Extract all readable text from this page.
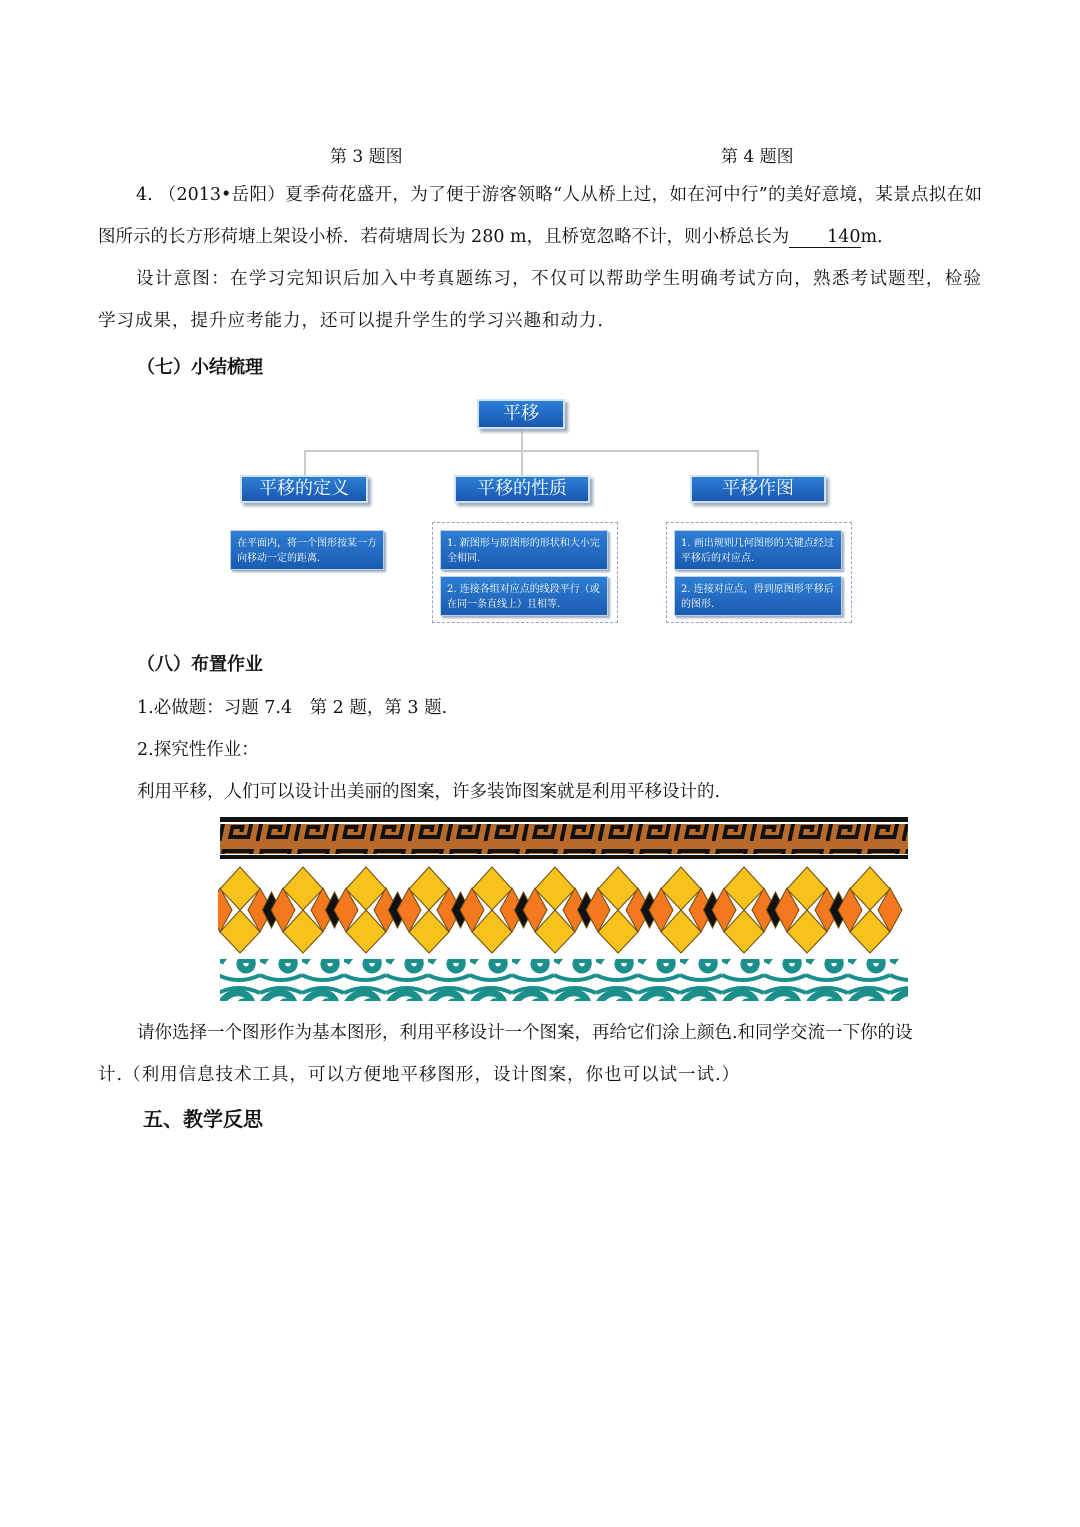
第 3 题图	第 4 题图
4. （2013•岳阳）夏季荷花盛开，为了便于游客领略“人从桥上过，如在河中行”的美好意境，某景点拟在如图所示的长方形荷塘上架设小桥．若荷塘周长为 280 m，且桥宽忽略不计，则小桥总长为 140m．
设计意图：在学习完知识后加入中考真题练习，不仅可以帮助学生明确考试方向，熟悉考试题型，检验学习成果，提升应考能力，还可以提升学生的学习兴趣和动力．
（七）小结梳理
平移
平移的定义	平移的性质	平移作图
在平面内，将一个图形按某一方向移动一定的距离．
1. 新图形与原图形的形状和大小完全相同．
2. 连接各组对应点的线段平行（或在同一条直线上）且相等．
1. 画出规则几何图形的关键点经过平移后的对应点．
2. 连接对应点，得到原图形平移后的图形．
（八）布置作业
1.必做题：习题 7.4　第 2 题，第 3 题.
2.探究性作业：
利用平移，人们可以设计出美丽的图案，许多装饰图案就是利用平移设计的.
请你选择一个图形作为基本图形，利用平移设计一个图案，再给它们涂上颜色.和同学交流一下你的设
计.（利用信息技术工具，可以方便地平移图形，设计图案，你也可以试一试.）
五、教学反思
